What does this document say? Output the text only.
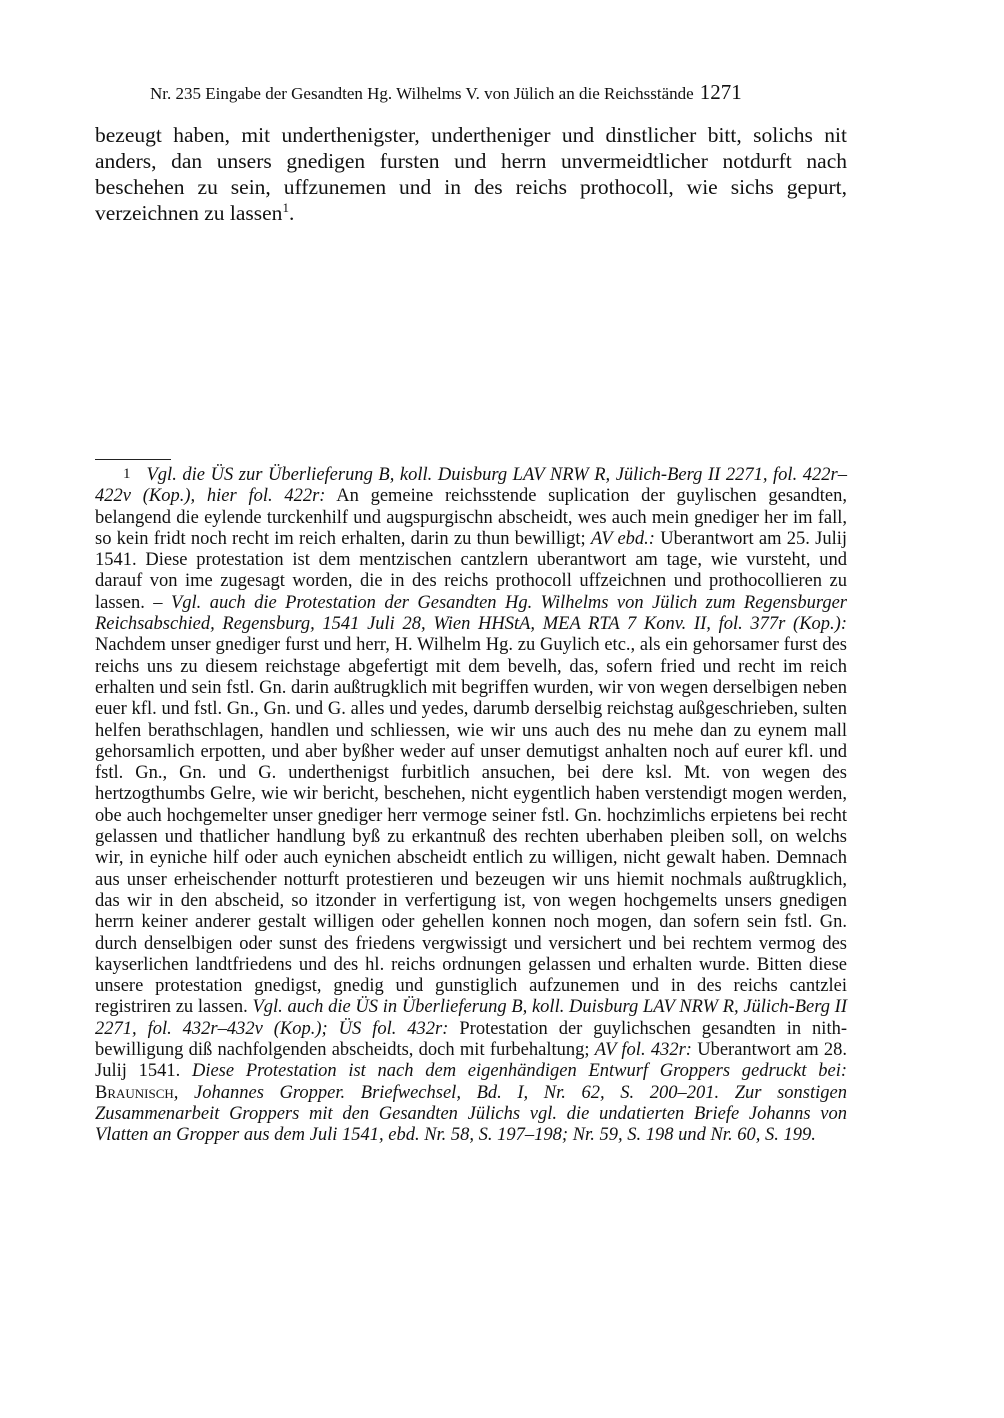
Nr. 235 Eingabe der Gesandten Hg. Wilhelms V. von Jülich an die Reichsstände 1271
bezeugt haben, mit underthenigster, undertheniger und dinstlicher bitt, solichs nit anders, dan unsers gnedigen fursten und herrn unvermeidtlicher notdurft nach beschehen zu sein, uffzunemen und in des reichs prothocoll, wie sichs gepurt, verzeichnen zu lassen$^1$.
1 Vgl. die ÜS zur Überlieferung B, koll. Duisburg LAV NRW R, Jülich-Berg II 2271, fol. 422r–422v (Kop.), hier fol. 422r: An gemeine reichsstende suplication der guylischen gesandten, belangend die eylende turckenhilf und augspurgischn abscheidt, wes auch mein gnediger her im fall, so kein fridt noch recht im reich erhalten, darin zu thun bewilligt; AV ebd.: Uberantwort am 25. Julij 1541. Diese protestation ist dem mentzischen cantzlern uberantwort am tage, wie vursteht, und darauf von ime zugesagt worden, die in des reichs prothocoll uffzeichnen und prothocollieren zu lassen. – Vgl. auch die Protestation der Gesandten Hg. Wilhelms von Jülich zum Regensburger Reichsabschied, Regensburg, 1541 Juli 28, Wien HHStA, MEA RTA 7 Konv. II, fol. 377r (Kop.): Nachdem unser gnediger furst und herr, H. Wilhelm Hg. zu Guylich etc., als ein gehorsamer furst des reichs uns zu diesem reichstage abgefertigt mit dem bevelh, das, sofern fried und recht im reich erhalten und sein fstl. Gn. darin außtrugklich mit begriffen wurden, wir von wegen derselbigen neben euer kfl. und fstl. Gn., Gn. und G. alles und yedes, darumb derselbig reichstag außgeschrieben, sulten helfen berathschlagen, handlen und schliessen, wie wir uns auch des nu mehe dan zu eynem mall gehorsamlich erpotten, und aber byßher weder auf unser demutigst anhalten noch auf eurer kfl. und fstl. Gn., Gn. und G. underthenigst furbitlich ansuchen, bei dere ksl. Mt. von wegen des hertzogthumbs Gelre, wie wir bericht, beschehen, nicht eygentlich haben verstendigt mogen werden, obe auch hochgemelter unser gnediger herr vermoge seiner fstl. Gn. hochzimlichs erpietens bei recht gelassen und thatlicher handlung byß zu erkantnuß des rechten uberhaben pleiben soll, on welchs wir, in eyniche hilf oder auch eynichen abscheidt entlich zu willigen, nicht gewalt haben. Demnach aus unser erheischender notturft protestieren und bezeugen wir uns hiemit nochmals außtrugklich, das wir in den abscheid, so itzonder in verfertigung ist, von wegen hochgemelts unsers gnedigen herrn keiner anderer gestalt willigen oder gehellen konnen noch mogen, dan sofern sein fstl. Gn. durch denselbigen oder sunst des friedens vergwissigt und versichert und bei rechtem vermog des kayserlichen landtfriedens und des hl. reichs ordnungen gelassen und erhalten wurde. Bitten diese unsere protestation gnedigst, gnedig und gunstiglich aufzunemen und in des reichs cantzlei registriren zu lassen. Vgl. auch die ÜS in Überlieferung B, koll. Duisburg LAV NRW R, Jülich-Berg II 2271, fol. 432r–432v (Kop.); ÜS fol. 432r: Protestation der guylichschen gesandten in nith-bewilligung diß nachfolgenden abscheidts, doch mit furbehaltung; AV fol. 432r: Uberantwort am 28. Julij 1541. Diese Protestation ist nach dem eigenhändigen Entwurf Groppers gedruckt bei: Braunisch, Johannes Gropper. Briefwechsel, Bd. I, Nr. 62, S. 200–201. Zur sonstigen Zusammenarbeit Groppers mit den Gesandten Jülichs vgl. die undatierten Briefe Johanns von Vlatten an Gropper aus dem Juli 1541, ebd. Nr. 58, S. 197–198; Nr. 59, S. 198 und Nr. 60, S. 199.
